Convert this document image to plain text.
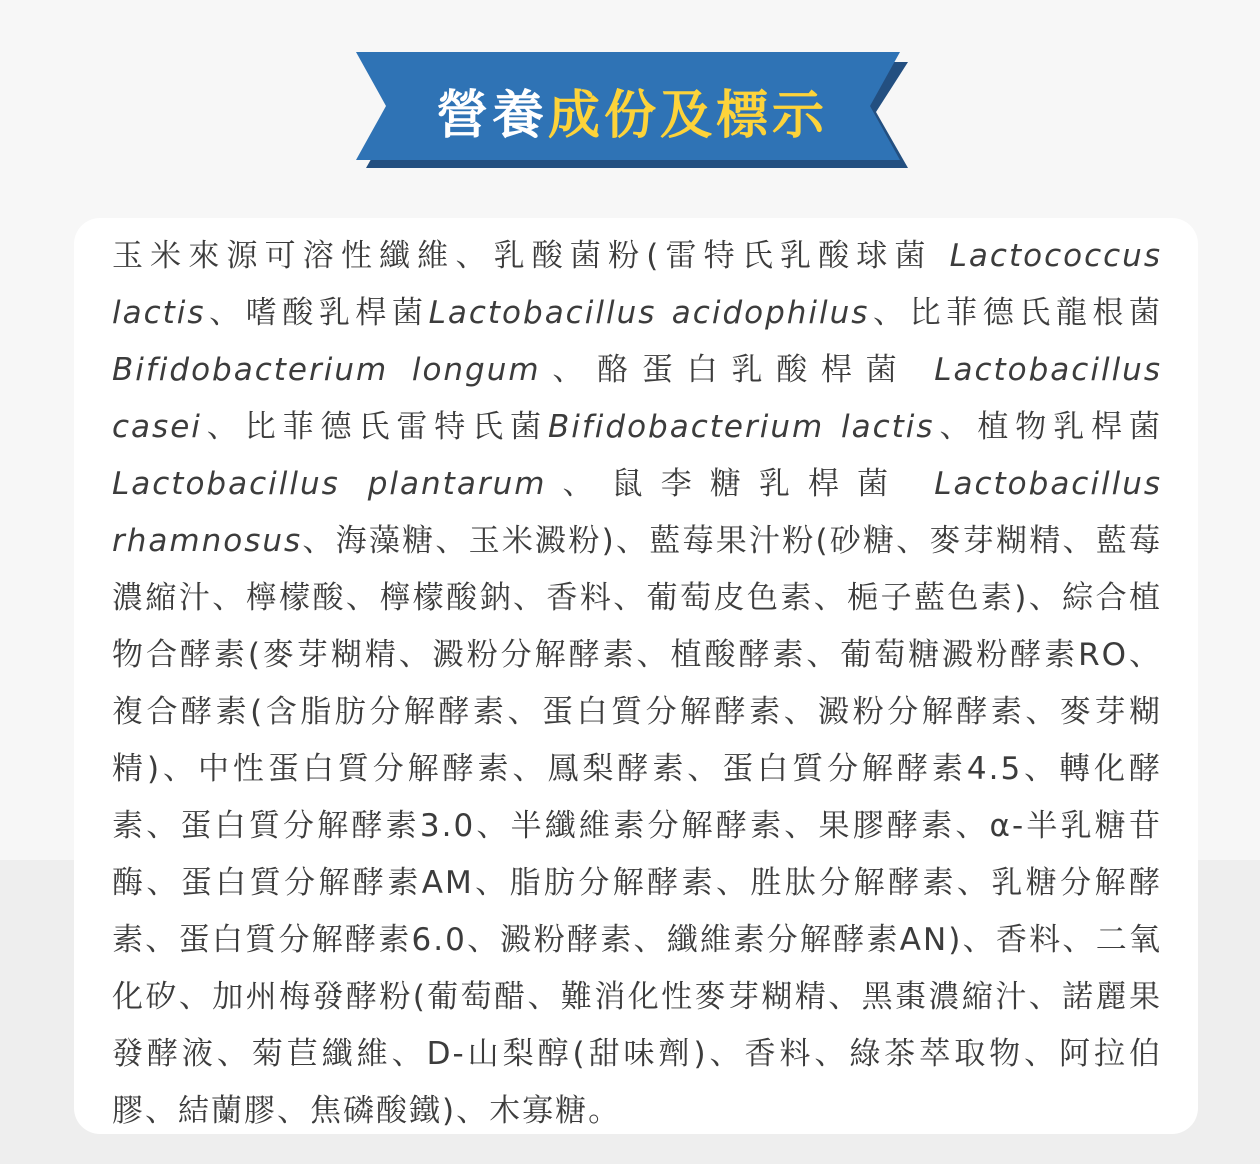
營養 成份及標示

玉米來源可溶性纖維、乳酸菌粉(雷特氏乳酸球菌 Lactococcus lactis、嗜酸乳桿菌Lactobacillus acidophilus、比菲德氏龍根菌Bifidobacterium longum、酪蛋白乳酸桿菌 Lactobacillus casei、比菲德氏雷特氏菌Bifidobacterium lactis、植物乳桿菌Lactobacillus plantarum、鼠李糖乳桿菌 Lactobacillus rhamnosus、海藻糖、玉米澱粉)、藍莓果汁粉(砂糖、麥芽糊精、藍莓濃縮汁、檸檬酸、檸檬酸鈉、香料、葡萄皮色素、梔子藍色素)、綜合植物合酵素(麥芽糊精、澱粉分解酵素、植酸酵素、葡萄糖澱粉酵素RO、複合酵素(含脂肪分解酵素、蛋白質分解酵素、澱粉分解酵素、麥芽糊精)、中性蛋白質分解酵素、鳳梨酵素、蛋白質分解酵素4.5、轉化酵素、蛋白質分解酵素3.0、半纖維素分解酵素、果膠酵素、α-半乳糖苷酶、蛋白質分解酵素AM、脂肪分解酵素、胜肽分解酵素、乳糖分解酵素、蛋白質分解酵素6.0、澱粉酵素、纖維素分解酵素AN)、香料、二氧化矽、加州梅發酵粉(葡萄醋、難消化性麥芽糊精、黑棗濃縮汁、諾麗果發酵液、菊苣纖維、D-山梨醇(甜味劑)、香料、綠茶萃取物、阿拉伯膠、結蘭膠、焦磷酸鐵)、木寡糖。
